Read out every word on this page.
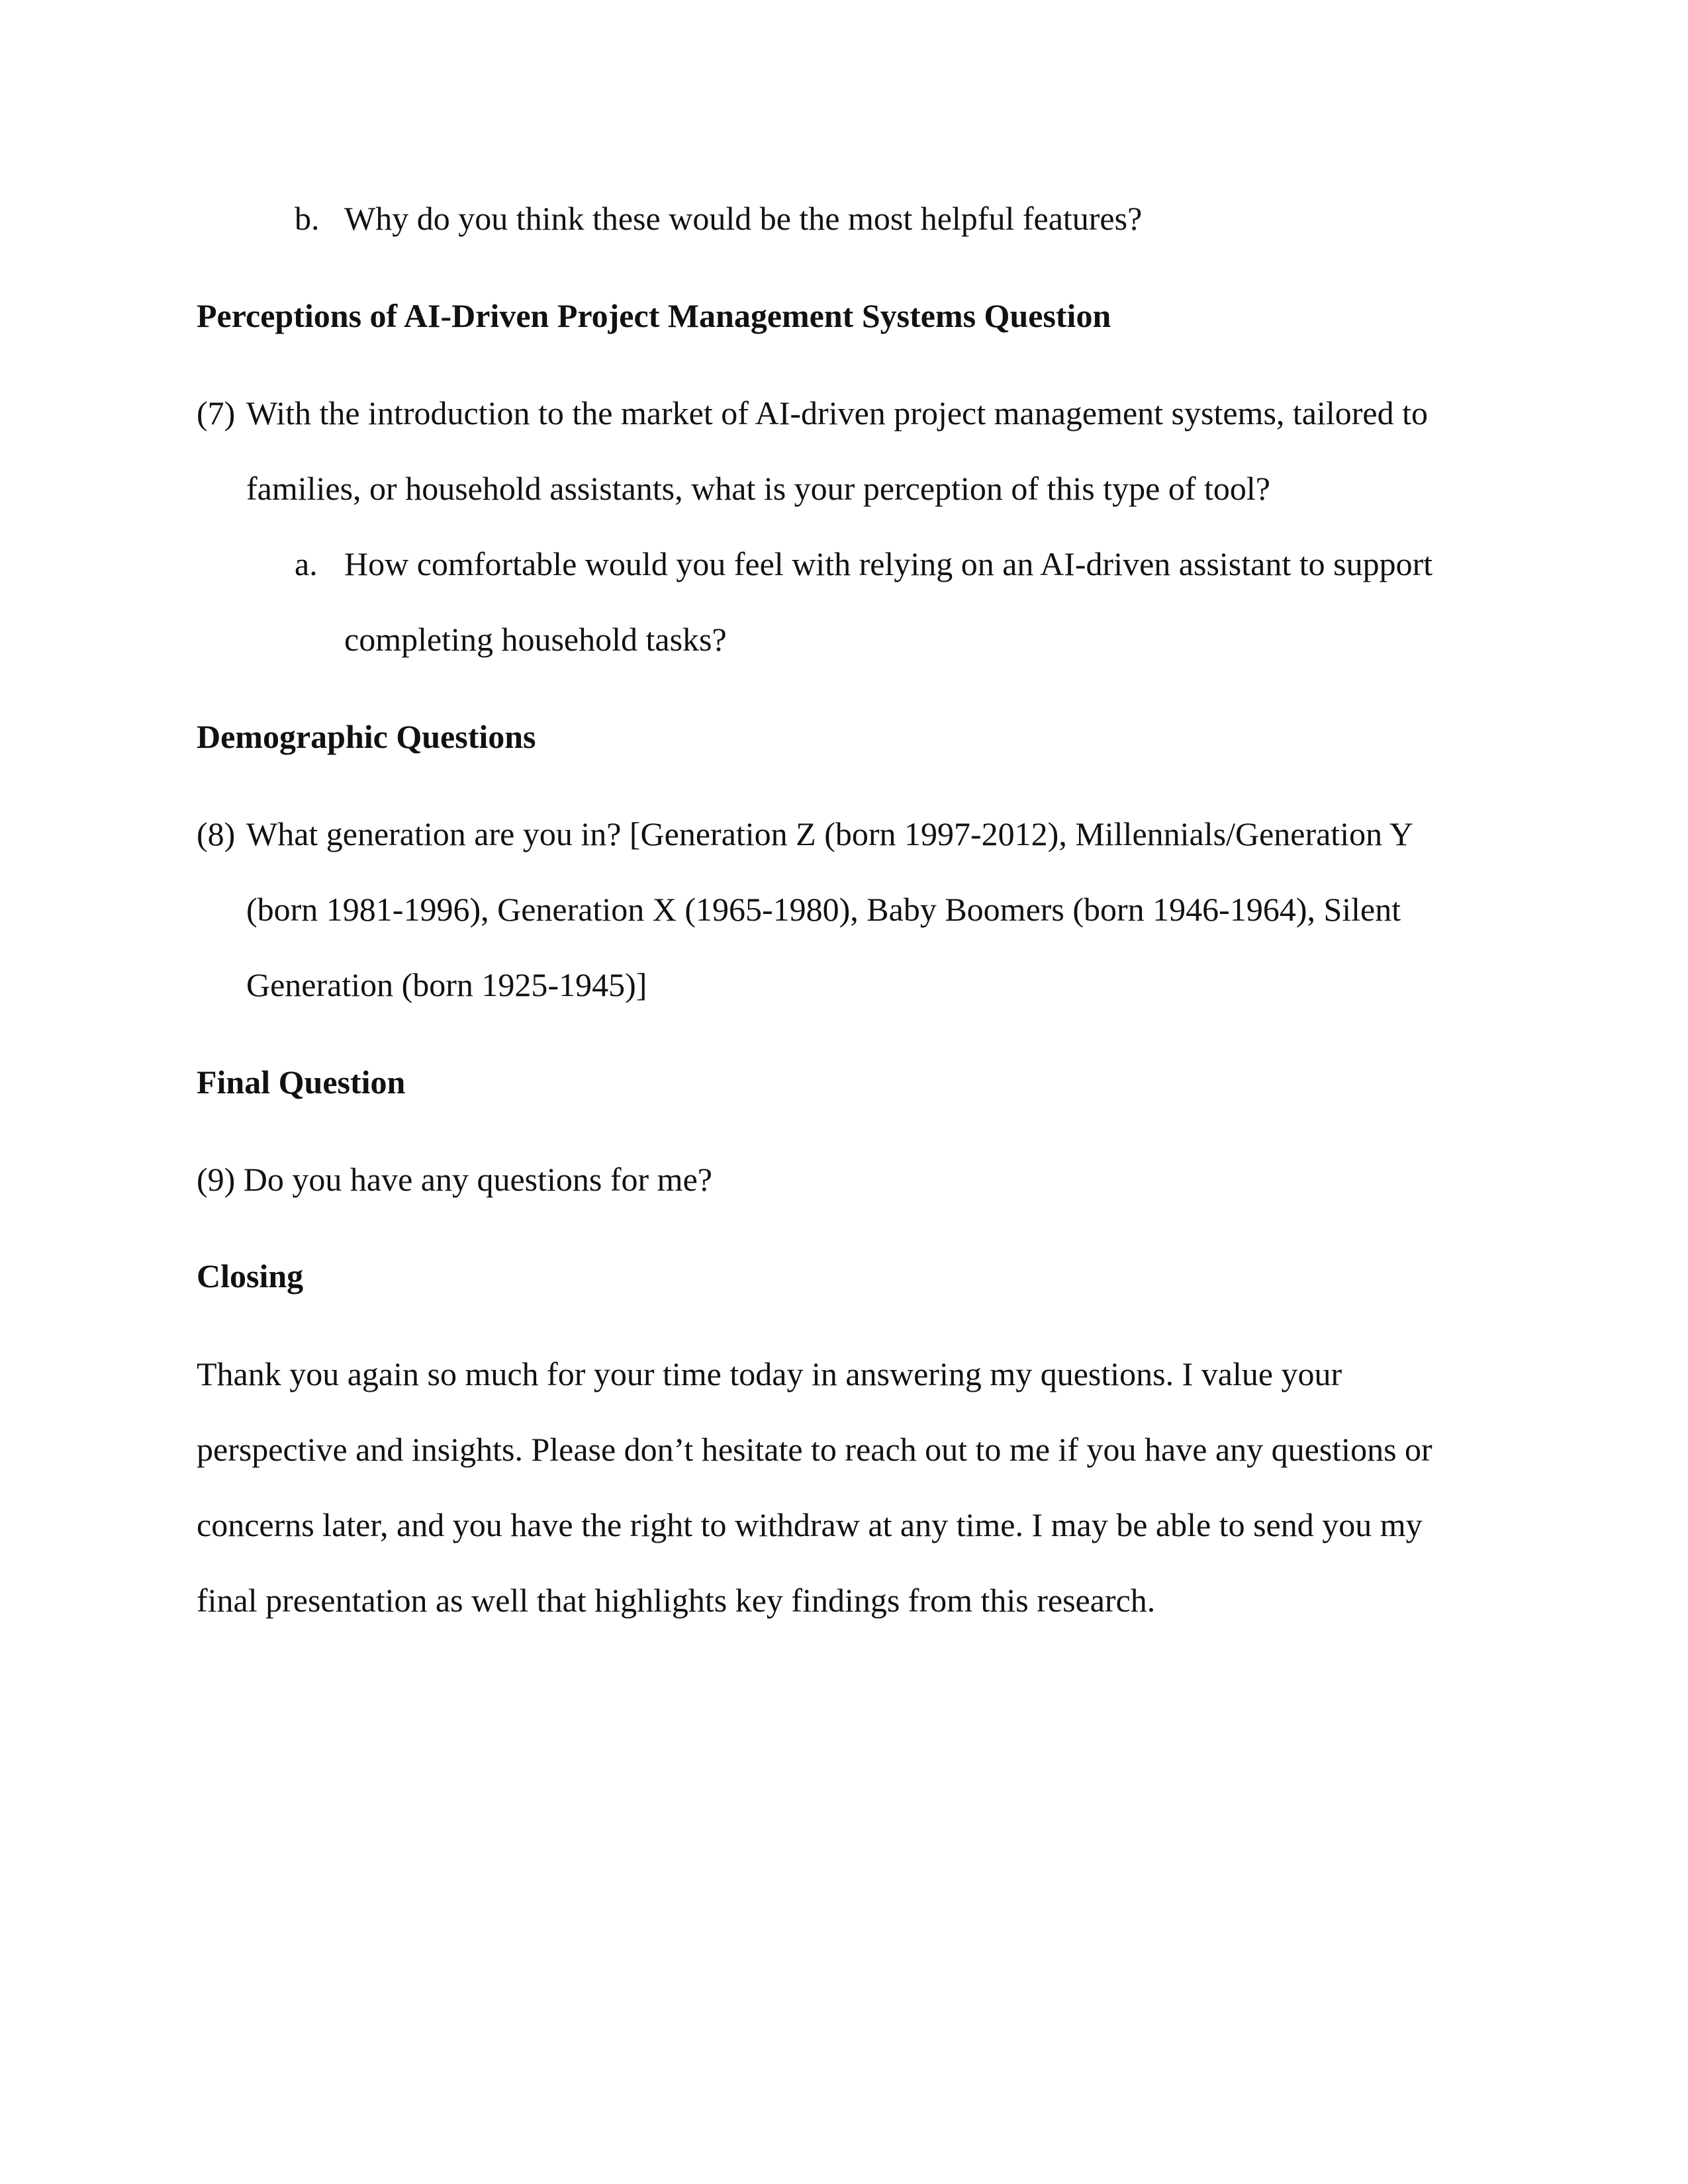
b. Why do you think these would be the most helpful features?
Perceptions of AI-Driven Project Management Systems Question
(7) With the introduction to the market of AI-driven project management systems, tailored to
families, or household assistants, what is your perception of this type of tool?
a. How comfortable would you feel with relying on an AI-driven assistant to support
completing household tasks?
Demographic Questions
(8) What generation are you in? [Generation Z (born 1997-2012), Millennials/Generation Y
(born 1981-1996), Generation X (1965-1980), Baby Boomers (born 1946-1964), Silent
Generation (born 1925-1945)]
Final Question
(9) Do you have any questions for me?
Closing
Thank you again so much for your time today in answering my questions. I value your
perspective and insights. Please don’t hesitate to reach out to me if you have any questions or
concerns later, and you have the right to withdraw at any time. I may be able to send you my
final presentation as well that highlights key findings from this research.
